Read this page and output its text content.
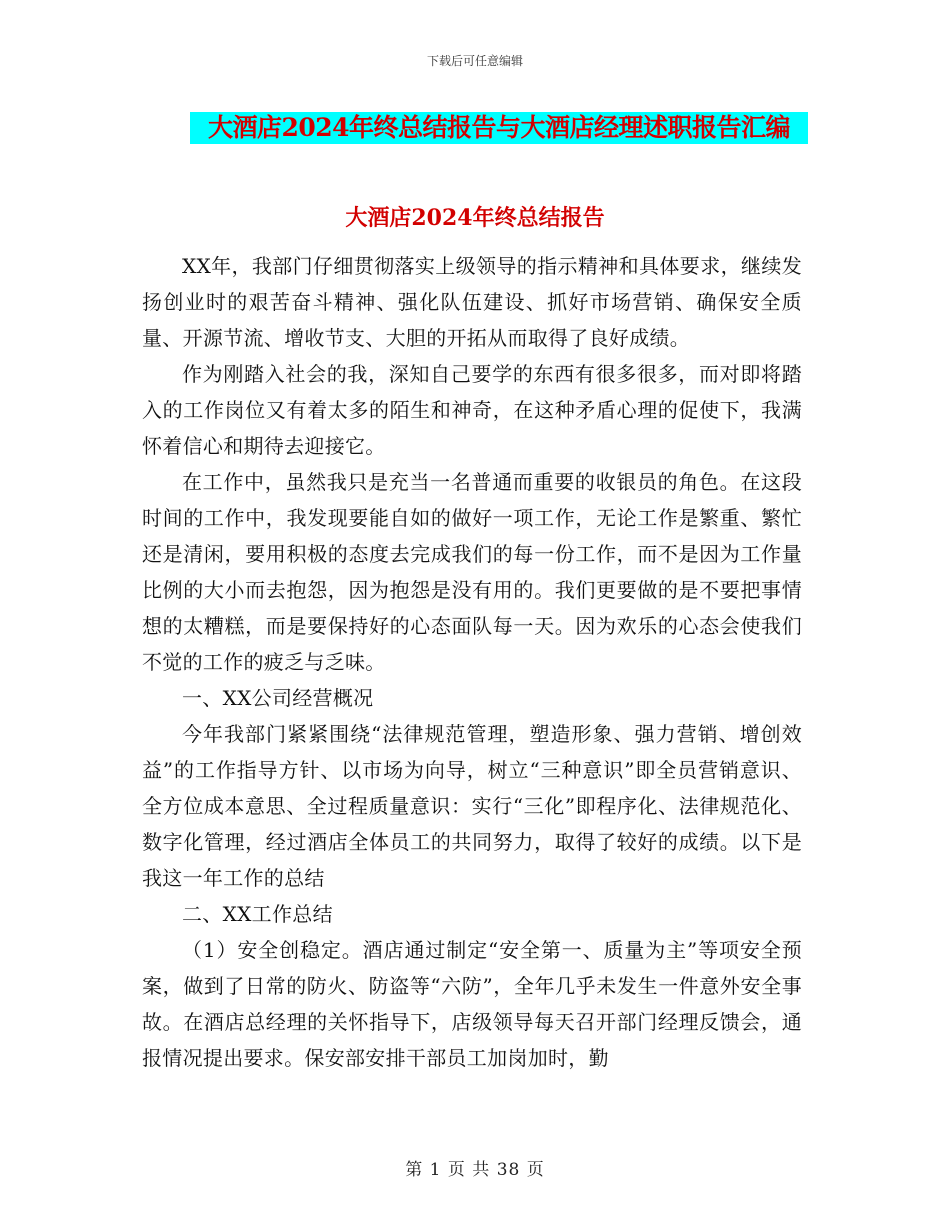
下载后可任意编辑
大酒店2024年终总结报告与大酒店经理述职报告汇编
大酒店2024年终总结报告

XX年，我部门仔细贯彻落实上级领导的指示精神和具体要求，继续发扬创业时的艰苦奋斗精神、强化队伍建设、抓好市场营销、确保安全质量、开源节流、增收节支、大胆的开拓从而取得了良好成绩。

作为刚踏入社会的我，深知自己要学的东西有很多很多，而对即将踏入的工作岗位又有着太多的陌生和神奇，在这种矛盾心理的促使下，我满怀着信心和期待去迎接它。

在工作中，虽然我只是充当一名普通而重要的收银员的角色。在这段时间的工作中，我发现要能自如的做好一项工作，无论工作是繁重、繁忙还是清闲，要用积极的态度去完成我们的每一份工作，而不是因为工作量比例的大小而去抱怨，因为抱怨是没有用的。我们更要做的是不要把事情想的太糟糕，而是要保持好的心态面队每一天。因为欢乐的心态会使我们不觉的工作的疲乏与乏味。

一、XX公司经营概况

今年我部门紧紧围绕“法律规范管理，塑造形象、强力营销、增创效益”的工作指导方针、以市场为向导，树立“三种意识”即全员营销意识、全方位成本意思、全过程质量意识：实行“三化”即程序化、法律规范化、数字化管理，经过酒店全体员工的共同努力，取得了较好的成绩。以下是我这一年工作的总结

二、XX工作总结

（1）安全创稳定。酒店通过制定“安全第一、质量为主”等项安全预案，做到了日常的防火、防盗等“六防”，全年几乎未发生一件意外安全事故。在酒店总经理的关怀指导下，店级领导每天召开部门经理反馈会，通报情况提出要求。保安部安排干部员工加岗加时，勤

第 1 页 共 38 页
